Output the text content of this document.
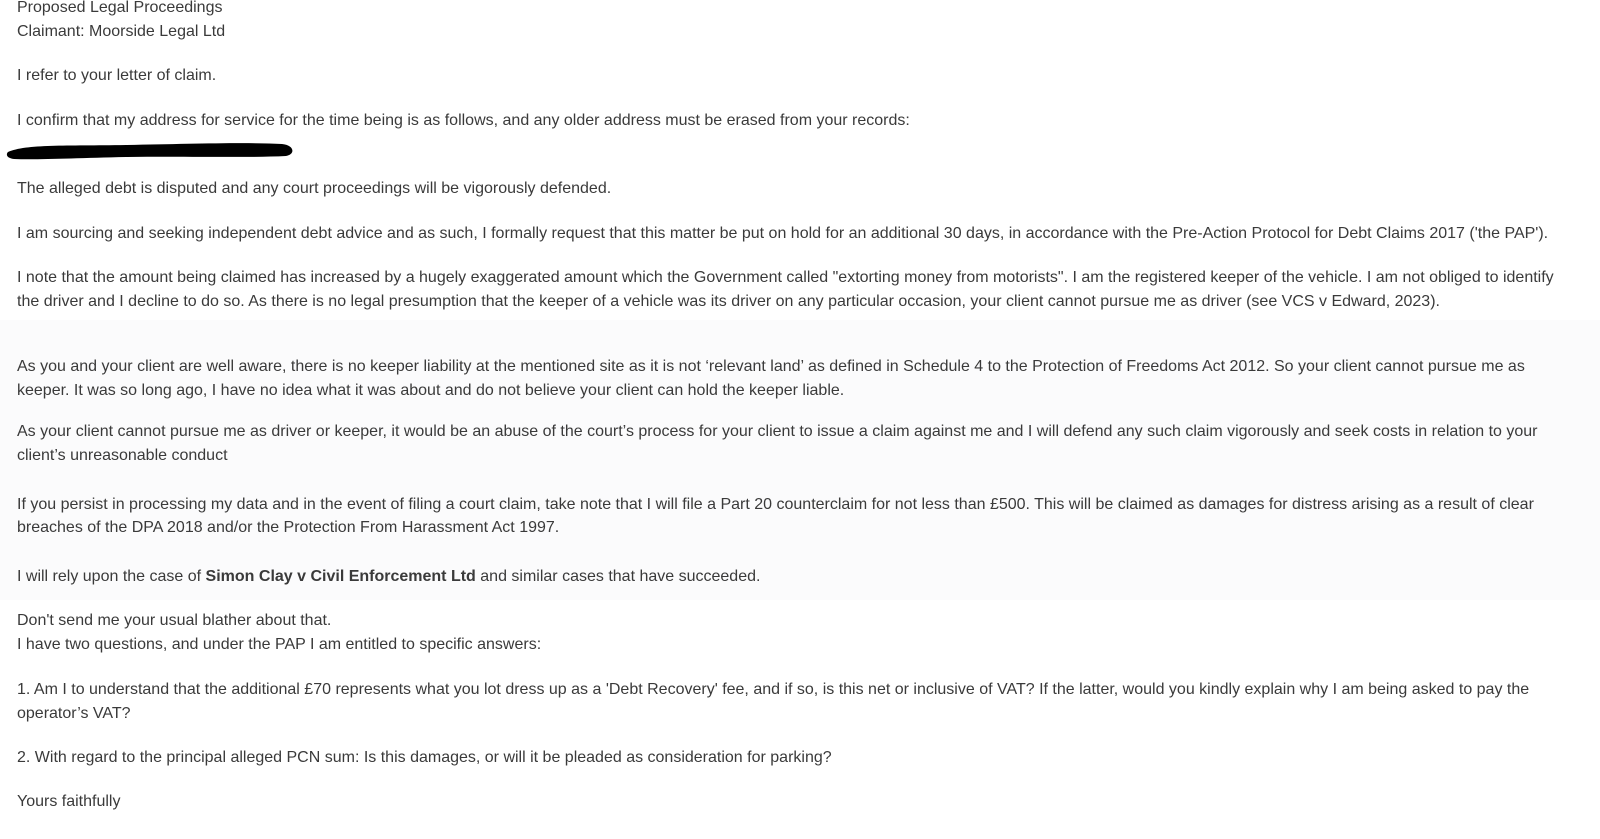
Proposed Legal Proceedings
Claimant: Moorside Legal Ltd
I refer to your letter of claim.
I confirm that my address for service for the time being is as follows, and any older address must be erased from your records:
The alleged debt is disputed and any court proceedings will be vigorously defended.
I am sourcing and seeking independent debt advice and as such, I formally request that this matter be put on hold for an additional 30 days, in accordance with the Pre-Action Protocol for Debt Claims 2017 ('the PAP').
I note that the amount being claimed has increased by a hugely exaggerated amount which the Government called "extorting money from motorists". I am the registered keeper of the vehicle. I am not obliged to identify
the driver and I decline to do so. As there is no legal presumption that the keeper of a vehicle was its driver on any particular occasion, your client cannot pursue me as driver (see VCS v Edward, 2023).
As you and your client are well aware, there is no keeper liability at the mentioned site as it is not ‘relevant land’ as defined in Schedule 4 to the Protection of Freedoms Act 2012. So your client cannot pursue me as
keeper. It was so long ago, I have no idea what it was about and do not believe your client can hold the keeper liable.
As your client cannot pursue me as driver or keeper, it would be an abuse of the court’s process for your client to issue a claim against me and I will defend any such claim vigorously and seek costs in relation to your
client’s unreasonable conduct
If you persist in processing my data and in the event of filing a court claim, take note that I will file a Part 20 counterclaim for not less than £500. This will be claimed as damages for distress arising as a result of clear
breaches of the DPA 2018 and/or the Protection From Harassment Act 1997.
I will rely upon the case of Simon Clay v Civil Enforcement Ltd and similar cases that have succeeded.
Don't send me your usual blather about that.
I have two questions, and under the PAP I am entitled to specific answers:
1. Am I to understand that the additional £70 represents what you lot dress up as a 'Debt Recovery' fee, and if so, is this net or inclusive of VAT? If the latter, would you kindly explain why I am being asked to pay the
operator’s VAT?
2. With regard to the principal alleged PCN sum: Is this damages, or will it be pleaded as consideration for parking?
Yours faithfully
